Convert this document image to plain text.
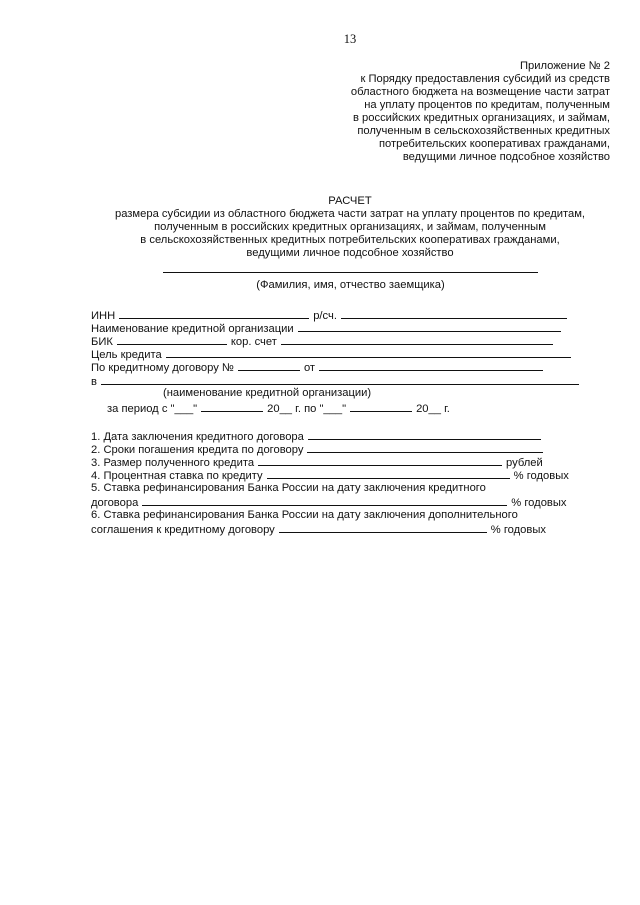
13
Приложение № 2
к Порядку предоставления субсидий из средств
областного бюджета на возмещение части затрат
на уплату процентов по кредитам, полученным
в российских кредитных организациях, и займам,
полученным в сельскохозяйственных кредитных
потребительских кооперативах гражданами,
ведущими личное подсобное хозяйство
РАСЧЕТ
размера субсидии из областного бюджета части затрат на уплату процентов по кредитам,
полученным в российских кредитных организациях, и займам, полученным
в сельскохозяйственных кредитных потребительских кооперативах гражданами,
ведущими личное подсобное хозяйство
(Фамилия, имя, отчество заемщика)
ИНН	р/сч.
Наименование кредитной организации
БИК	кор. счет
Цель кредита
По кредитному договору №	от
в
(наименование кредитной организации)
за период с "___"	20__ г. по "___"	20__ г.
1. Дата заключения кредитного договора
2. Сроки погашения кредита по договору
3. Размер полученного кредита	рублей
4. Процентная ставка по кредиту	% годовых
5. Ставка рефинансирования Банка России на дату заключения кредитного
договора	% годовых
6. Ставка рефинансирования Банка России на дату заключения дополнительного
соглашения к кредитному договору	% годовых
